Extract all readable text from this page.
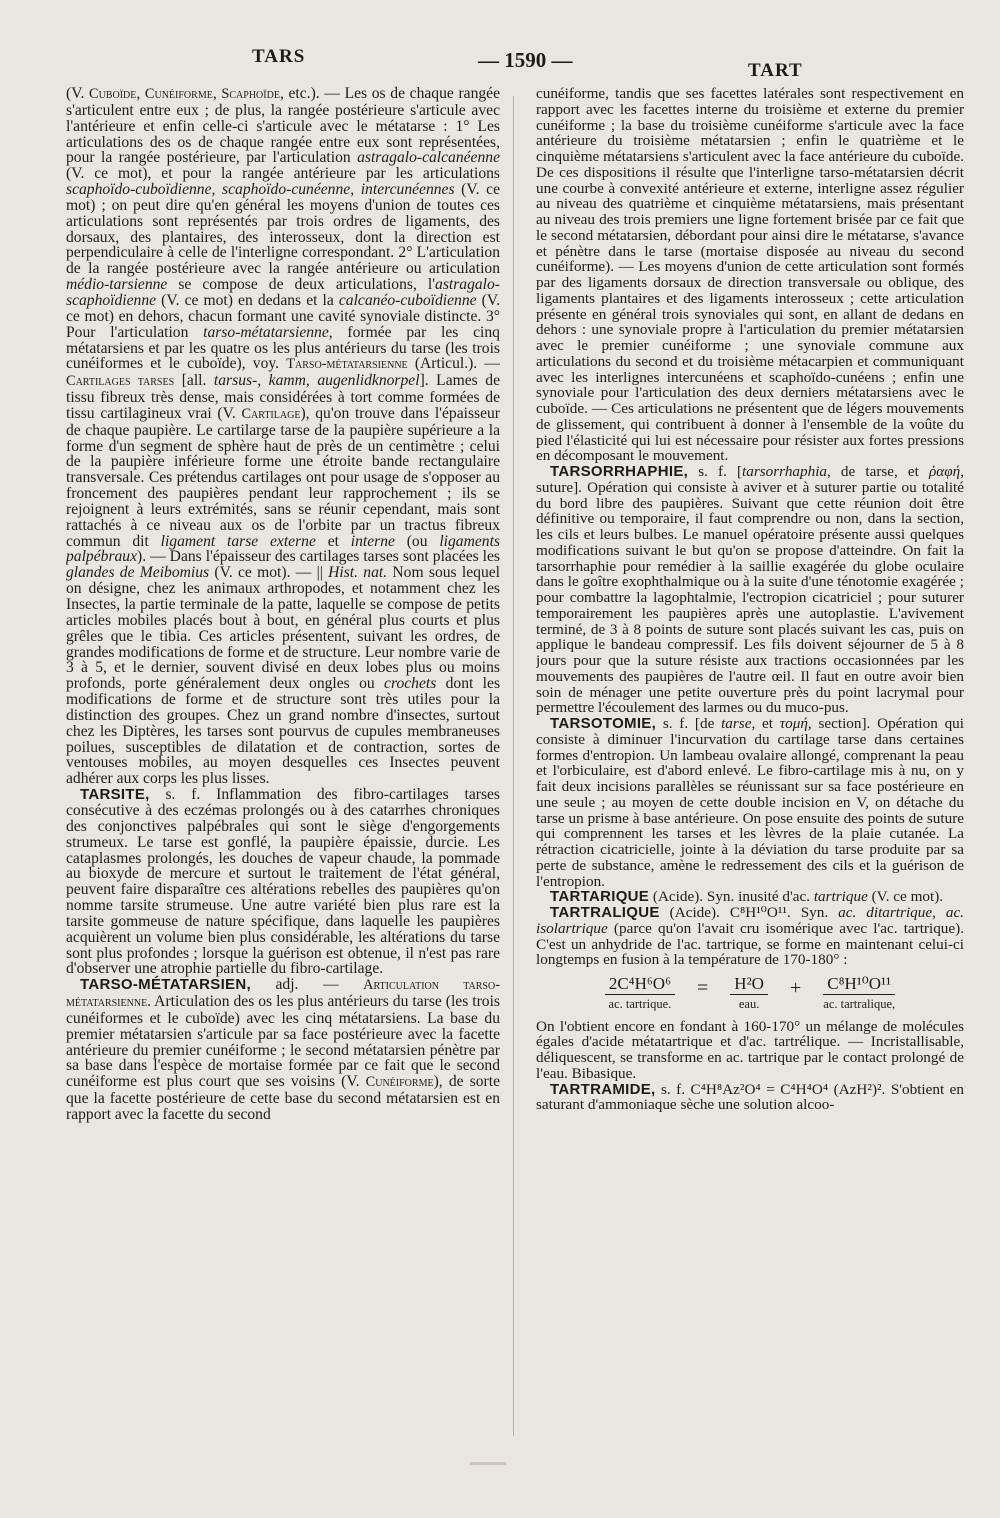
TARS	— 1590 —	TART

(V. Cuboïde, Cunéiforme, Scaphoïde, etc.). — Les os de chaque rangée s'articulent entre eux ; de plus, la rangée postérieure s'articule avec l'antérieure et enfin celle-ci s'articule avec le métatarse : 1° Les articulations des os de chaque rangée entre eux sont représentées, pour la rangée postérieure, par l'articulation astragalo-calcanéenne (V. ce mot), et pour la rangée antérieure par les articulations scaphoïdo-cuboïdienne, scaphoïdo-cunéenne, intercunéennes (V. ce mot) ; on peut dire qu'en général les moyens d'union de toutes ces articulations sont représentés par trois ordres de ligaments, des dorsaux, des plantaires, des interosseux, dont la direction est perpendiculaire à celle de l'interligne correspondant. 2° L'articulation de la rangée postérieure avec la rangée antérieure ou articulation médio-tarsienne se compose de deux articulations, l'astragalo-scaphoïdienne (V. ce mot) en dedans et la calcanéo-cuboïdienne (V. ce mot) en dehors, chacun formant une cavité synoviale distincte. 3° Pour l'articulation tarso-métatarsienne, formée par les cinq métatarsiens et par les quatre os les plus antérieurs du tarse (les trois cunéiformes et le cuboïde), voy. Tarso-métatarsienne (Articul.). — Cartilages tarses [all. tarsus-, kamm, augenlidknorpel]. Lames de tissu fibreux très dense, mais considérées à tort comme formées de tissu cartilagineux vrai (V. Cartilage), qu'on trouve dans l'épaisseur de chaque paupière. Le cartilarge tarse de la paupière supérieure a la forme d'un segment de sphère haut de près de un centimètre ; celui de la paupière inférieure forme une étroite bande rectangulaire transversale. Ces prétendus cartilages ont pour usage de s'opposer au froncement des paupières pendant leur rapprochement ; ils se rejoignent à leurs extrémités, sans se réunir cependant, mais sont rattachés à ce niveau aux os de l'orbite par un tractus fibreux commun dit ligament tarse externe et interne (ou ligaments palpébraux). — Dans l'épaisseur des cartilages tarses sont placées les glandes de Meibomius (V. ce mot). — || Hist. nat. Nom sous lequel on désigne, chez les animaux arthropodes, et notamment chez les Insectes, la partie terminale de la patte, laquelle se compose de petits articles mobiles placés bout à bout, en général plus courts et plus grêles que le tibia. Ces articles présentent, suivant les ordres, de grandes modifications de forme et de structure. Leur nombre varie de 3 à 5, et le dernier, souvent divisé en deux lobes plus ou moins profonds, porte généralement deux ongles ou crochets dont les modifications de forme et de structure sont très utiles pour la distinction des groupes. Chez un grand nombre d'insectes, surtout chez les Diptères, les tarses sont pourvus de cupules membraneuses poilues, susceptibles de dilatation et de contraction, sortes de ventouses mobiles, au moyen desquelles ces Insectes peuvent adhérer aux corps les plus lisses.

TARSITE, s. f. Inflammation des fibro-cartilages tarses consécutive à des eczémas prolongés ou à des catarrhes chroniques des conjonctives palpébrales qui sont le siège d'engorgements strumeux. Le tarse est gonflé, la paupière épaissie, durcie. Les cataplasmes prolongés, les douches de vapeur chaude, la pommade au bioxyde de mercure et surtout le traitement de l'état général, peuvent faire disparaître ces altérations rebelles des paupières qu'on nomme tarsite strumeuse. Une autre variété bien plus rare est la tarsite gommeuse de nature spécifique, dans laquelle les paupières acquièrent un volume bien plus considérable, les altérations du tarse sont plus profondes ; lorsque la guérison est obtenue, il n'est pas rare d'observer une atrophie partielle du fibro-cartilage.

TARSO-MÉTATARSIEN, adj. — Articulation tarso-métatarsienne. Articulation des os les plus antérieurs du tarse (les trois cunéiformes et le cuboïde) avec les cinq métatarsiens. La base du premier métatarsien s'articule par sa face postérieure avec la facette antérieure du premier cunéiforme ; le second métatarsien pénètre par sa base dans l'espèce de mortaise formée par ce fait que le second cunéiforme est plus court que ses voisins (V. Cunéiforme), de sorte que la facette postérieure de cette base du second métatarsien est en rapport avec la facette du second

cunéiforme, tandis que ses facettes latérales sont respectivement en rapport avec les facettes interne du troisième et externe du premier cunéiforme ; la base du troisième cunéiforme s'articule avec la face antérieure du troisième métatarsien ; enfin le quatrième et le cinquième métatarsiens s'articulent avec la face antérieure du cuboïde. De ces dispositions il résulte que l'interligne tarso-métatarsien décrit une courbe à convexité antérieure et externe, interligne assez régulier au niveau des quatrième et cinquième métatarsiens, mais présentant au niveau des trois premiers une ligne fortement brisée par ce fait que le second métatarsien, débordant pour ainsi dire le métatarse, s'avance et pénètre dans le tarse (mortaise disposée au niveau du second cunéiforme). — Les moyens d'union de cette articulation sont formés par des ligaments dorsaux de direction transversale ou oblique, des ligaments plantaires et des ligaments interosseux ; cette articulation présente en général trois synoviales qui sont, en allant de dedans en dehors : une synoviale propre à l'articulation du premier métatarsien avec le premier cunéiforme ; une synoviale commune aux articulations du second et du troisième métacarpien et communiquant avec les interlignes intercunéens et scaphoïdo-cunéens ; enfin une synoviale pour l'articulation des deux derniers métatarsiens avec le cuboïde. — Ces articulations ne présentent que de légers mouvements de glissement, qui contribuent à donner à l'ensemble de la voûte du pied l'élasticité qui lui est nécessaire pour résister aux fortes pressions en décomposant le mouvement.

TARSORRHAPHIE, s. f. [tarsorrhaphia, de tarse, et ῥαφή, suture]. Opération qui consiste à aviver et à suturer partie ou totalité du bord libre des paupières. Suivant que cette réunion doit être définitive ou temporaire, il faut comprendre ou non, dans la section, les cils et leurs bulbes. Le manuel opératoire présente aussi quelques modifications suivant le but qu'on se propose d'atteindre. On fait la tarsorrhaphie pour remédier à la saillie exagérée du globe oculaire dans le goître exophthalmique ou à la suite d'une ténotomie exagérée ; pour combattre la lagophtalmie, l'ectropion cicatriciel ; pour suturer temporairement les paupières après une autoplastie. L'avivement terminé, de 3 à 8 points de suture sont placés suivant les cas, puis on applique le bandeau compressif. Les fils doivent séjourner de 5 à 8 jours pour que la suture résiste aux tractions occasionnées par les mouvements des paupières de l'autre œil. Il faut en outre avoir bien soin de ménager une petite ouverture près du point lacrymal pour permettre l'écoulement des larmes ou du muco-pus.

TARSOTOMIE, s. f. [de tarse, et τομή, section]. Opération qui consiste à diminuer l'incurvation du cartilage tarse dans certaines formes d'entropion. Un lambeau ovalaire allongé, comprenant la peau et l'orbiculaire, est d'abord enlevé. Le fibro-cartilage mis à nu, on y fait deux incisions parallèles se réunissant sur sa face postérieure en une seule ; au moyen de cette double incision en V, on détache du tarse un prisme à base antérieure. On pose ensuite des points de suture qui comprennent les tarses et les lèvres de la plaie cutanée. La rétraction cicatricielle, jointe à la déviation du tarse produite par sa perte de substance, amène le redressement des cils et la guérison de l'entropion.

TARTARIQUE (Acide). Syn. inusité d'ac. tartrique (V. ce mot).

TARTRALIQUE (Acide). C⁸H¹⁰O¹¹. Syn. ac. ditartrique, ac. isolartrique (parce qu'on l'avait cru isomérique avec l'ac. tartrique). C'est un anhydride de l'ac. tartrique, se forme en maintenant celui-ci longtemps en fusion à la température de 170-180° :

2C⁴H⁶O⁶
ac. tartrique.
= H²O
eau.
+ C⁸H¹⁰O¹¹
ac. tartralique,

On l'obtient encore en fondant à 160-170° un mélange de molécules égales d'acide métatartrique et d'ac. tartrélique. — Incristallisable, déliquescent, se transforme en ac. tartrique par le contact prolongé de l'eau. Bibasique.

TARTRAMIDE, s. f. C⁴H⁸Az²O⁴ = C⁴H⁴O⁴ (AzH²)². S'obtient en saturant d'ammoniaque sèche une solution alcoo-
